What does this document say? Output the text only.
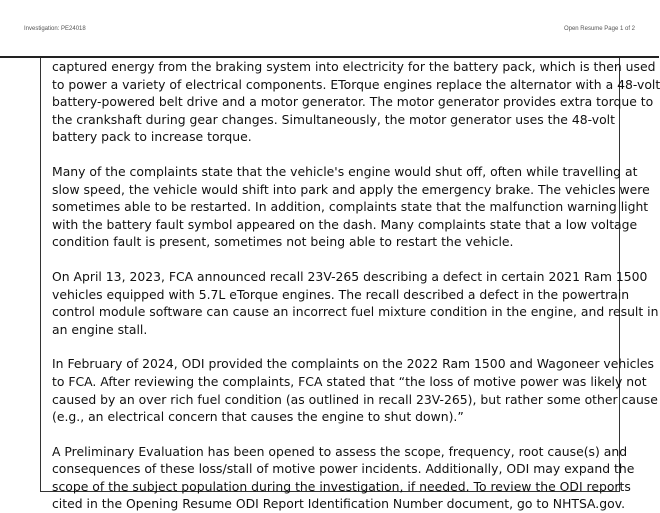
Investigation: PE24018	Open Resume Page 1 of 2

captured energy from the braking system into electricity for the battery pack, which is then used
to power a variety of electrical components. ETorque engines replace the alternator with a 48-volt
battery-powered belt drive and a motor generator. The motor generator provides extra torque to
the crankshaft during gear changes. Simultaneously, the motor generator uses the 48-volt
battery pack to increase torque.

Many of the complaints state that the vehicle's engine would shut off, often while travelling at
slow speed, the vehicle would shift into park and apply the emergency brake. The vehicles were
sometimes able to be restarted. In addition, complaints state that the malfunction warning light
with the battery fault symbol appeared on the dash. Many complaints state that a low voltage
condition fault is present, sometimes not being able to restart the vehicle.

On April 13, 2023, FCA announced recall 23V-265 describing a defect in certain 2021 Ram 1500
vehicles equipped with 5.7L eTorque engines. The recall described a defect in the powertrain
control module software can cause an incorrect fuel mixture condition in the engine, and result in
an engine stall.

In February of 2024, ODI provided the complaints on the 2022 Ram 1500 and Wagoneer vehicles
to FCA. After reviewing the complaints, FCA stated that “the loss of motive power was likely not
caused by an over rich fuel condition (as outlined in recall 23V-265), but rather some other cause
(e.g., an electrical concern that causes the engine to shut down).”

A Preliminary Evaluation has been opened to assess the scope, frequency, root cause(s) and
consequences of these loss/stall of motive power incidents. Additionally, ODI may expand the
scope of the subject population during the investigation, if needed. To review the ODI reports
cited in the Opening Resume ODI Report Identification Number document, go to NHTSA.gov.
